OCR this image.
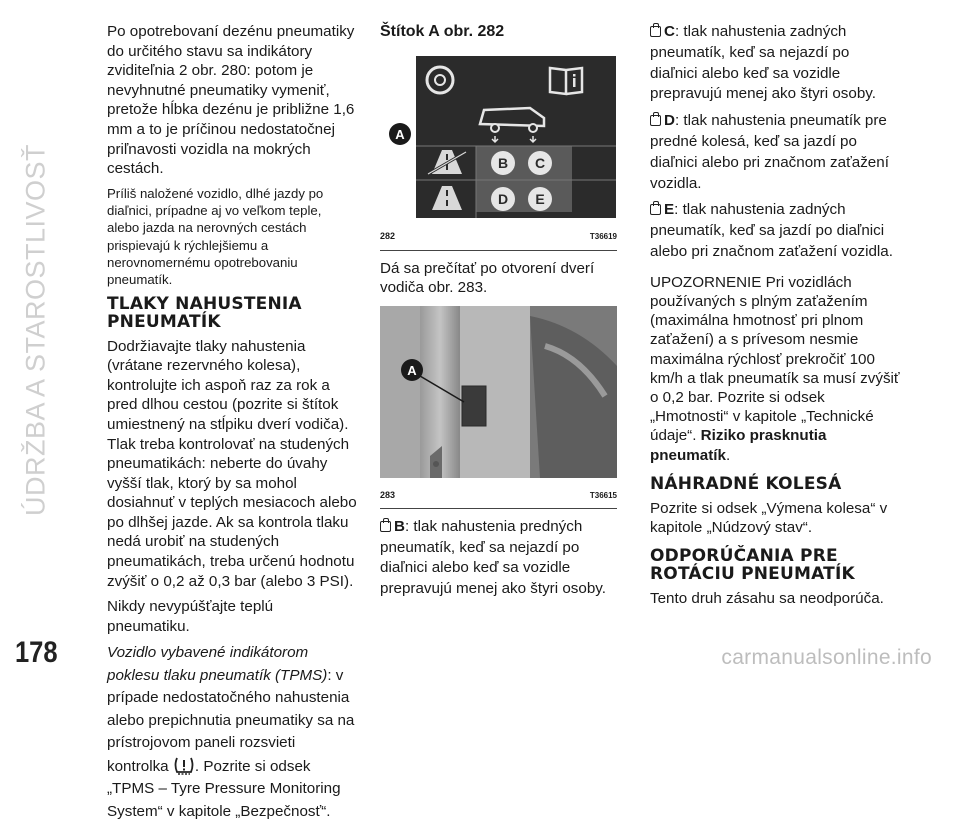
ÚDRŽBA A STAROSTLIVOSŤ
178

Po opotrebovaní dezénu pneumatiky do určitého stavu sa indikátory zviditeľnia 2 obr. 280: potom je nevyhnutné pneumatiky vymeniť, pretože hĺbka dezénu je približne 1,6 mm a to je príčinou nedostatočnej priľnavosti vozidla na mokrých cestách.

Príliš naložené vozidlo, dlhé jazdy po diaľnici, prípadne aj vo veľkom teple, alebo jazda na nerovných cestách prispievajú k rýchlejšiemu a nerovnomernému opotrebovaniu pneumatík.

TLAKY NAHUSTENIA PNEUMATÍK

Dodržiavajte tlaky nahustenia (vrátane rezervného kolesa), kontrolujte ich aspoň raz za rok a pred dlhou cestou (pozrite si štítok umiestnený na stĺpiku dverí vodiča). Tlak treba kontrolovať na studených pneumatikách: neberte do úvahy vyšší tlak, ktorý by sa mohol dosiahnuť v teplých mesiacoch alebo po dlhšej jazde. Ak sa kontrola tlaku nedá urobiť na studených pneumatikách, treba určenú hodnotu zvýšiť o 0,2 až 0,3 bar (alebo 3 PSI).

Nikdy nevypúšťajte teplú pneumatiku.

Vozidlo vybavené indikátorom poklesu tlaku pneumatík (TPMS): v prípade nedostatočného nahustenia alebo prepichnutia pneumatiky sa na prístrojovom paneli rozsvieti kontrolka . Pozrite si odsek „TPMS – Tyre Pressure Monitoring System“ v kapitole „Bezpečnosť“.

Štítok A obr. 282
B C
D E
A
282	T36619

Dá sa prečítať po otvorení dverí vodiča obr. 283.

A
283	T36615

B: tlak nahustenia predných pneumatík, keď sa nejazdí po diaľnici alebo keď sa vozidle prepravujú menej ako štyri osoby.

C: tlak nahustenia zadných pneumatík, keď sa nejazdí po diaľnici alebo keď sa vozidle prepravujú menej ako štyri osoby.

D: tlak nahustenia pneumatík pre predné kolesá, keď sa jazdí po diaľnici alebo pri značnom zaťažení vozidla.

E: tlak nahustenia zadných pneumatík, keď sa jazdí po diaľnici alebo pri značnom zaťažení vozidla.

UPOZORNENIE Pri vozidlách používaných s plným zaťažením (maximálna hmotnosť pri plnom zaťažení) a s prívesom nesmie maximálna rýchlosť prekročiť 100 km/h a tlak pneumatík sa musí zvýšiť o 0,2 bar. Pozrite si odsek „Hmotnosti“ v kapitole „Technické údaje“. Riziko prasknutia pneumatík.

NÁHRADNÉ KOLESÁ

Pozrite si odsek „Výmena kolesa“ v kapitole „Núdzový stav“.

ODPORÚČANIA PRE ROTÁCIU PNEUMATÍK

Tento druh zásahu sa neodporúča.

carmanualsonline.info
